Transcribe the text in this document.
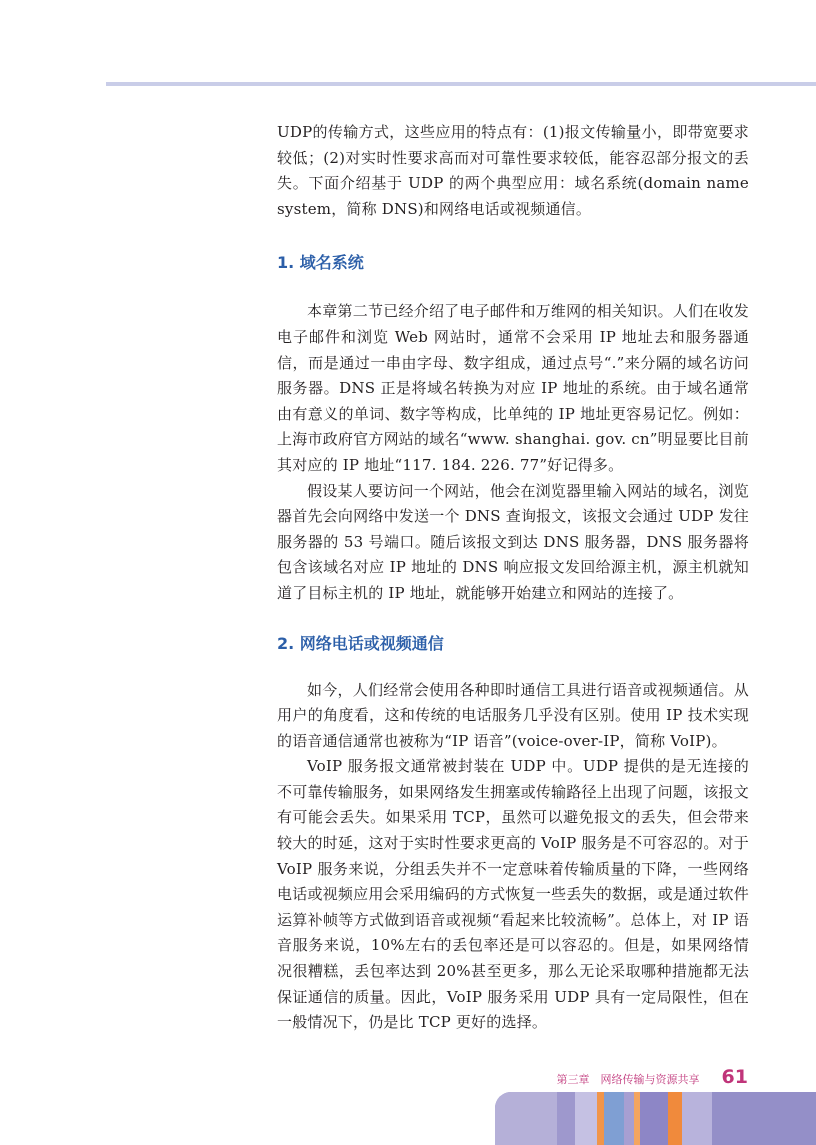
UDP的传输方式，这些应用的特点有：(1)报文传输量小，即带宽要求较低；(2)对实时性要求高而对可靠性要求较低，能容忍部分报文的丢失。下面介绍基于 UDP 的两个典型应用：域名系统(domain name system，简称 DNS)和网络电话或视频通信。

1. 域名系统

本章第二节已经介绍了电子邮件和万维网的相关知识。人们在收发电子邮件和浏览 Web 网站时，通常不会采用 IP 地址去和服务器通信，而是通过一串由字母、数字组成，通过点号“.”来分隔的域名访问服务器。DNS 正是将域名转换为对应 IP 地址的系统。由于域名通常由有意义的单词、数字等构成，比单纯的 IP 地址更容易记忆。例如：上海市政府官方网站的域名“www. shanghai. gov. cn”明显要比目前其对应的 IP 地址“117. 184. 226. 77”好记得多。

假设某人要访问一个网站，他会在浏览器里输入网站的域名，浏览器首先会向网络中发送一个 DNS 查询报文，该报文会通过 UDP 发往服务器的 53 号端口。随后该报文到达 DNS 服务器，DNS 服务器将包含该域名对应 IP 地址的 DNS 响应报文发回给源主机，源主机就知道了目标主机的 IP 地址，就能够开始建立和网站的连接了。

2. 网络电话或视频通信

如今，人们经常会使用各种即时通信工具进行语音或视频通信。从用户的角度看，这和传统的电话服务几乎没有区别。使用 IP 技术实现的语音通信通常也被称为“IP 语音”(voice-over-IP，简称 VoIP)。

VoIP 服务报文通常被封装在 UDP 中。UDP 提供的是无连接的不可靠传输服务，如果网络发生拥塞或传输路径上出现了问题，该报文有可能会丢失。如果采用 TCP，虽然可以避免报文的丢失，但会带来较大的时延，这对于实时性要求更高的 VoIP 服务是不可容忍的。对于 VoIP 服务来说，分组丢失并不一定意味着传输质量的下降，一些网络电话或视频应用会采用编码的方式恢复一些丢失的数据，或是通过软件运算补帧等方式做到语音或视频“看起来比较流畅”。总体上，对 IP 语音服务来说，10%左右的丢包率还是可以容忍的。但是，如果网络情况很糟糕，丢包率达到 20%甚至更多，那么无论采取哪种措施都无法保证通信的质量。因此，VoIP 服务采用 UDP 具有一定局限性，但在一般情况下，仍是比 TCP 更好的选择。

第三章　网络传输与资源共享 61
